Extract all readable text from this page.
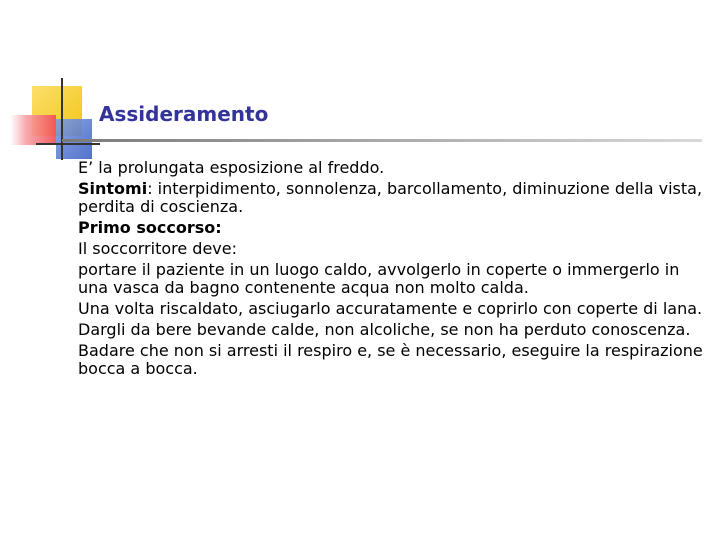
Assideramento

E’ la prolungata esposizione al freddo.

Sintomi: interpidimento, sonnolenza, barcollamento, diminuzione della vista, perdita di coscienza.

Primo soccorso:

Il soccorritore deve:

portare il paziente in un luogo caldo, avvolgerlo in coperte o immergerlo in una vasca da bagno contenente acqua non molto calda.

Una volta riscaldato, asciugarlo accuratamente e coprirlo con coperte di lana.

Dargli da bere bevande calde, non alcoliche, se non ha perduto conoscenza.

Badare che non si arresti il respiro e, se è necessario, eseguire la respirazione bocca a bocca.
